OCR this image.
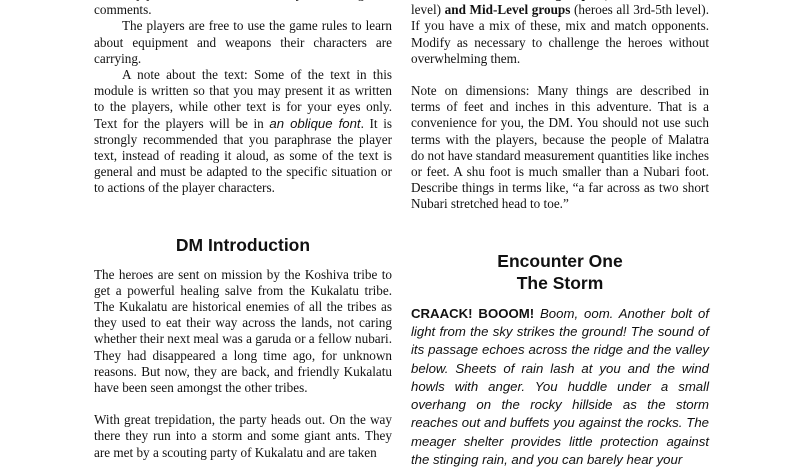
comments.

The players are free to use the game rules to learn about equipment and weapons their characters are carrying.

A note about the text: Some of the text in this module is written so that you may present it as written to the players, while other text is for your eyes only. Text for the players will be in an oblique font. It is strongly recommended that you paraphrase the player text, instead of reading it aloud, as some of the text is general and must be adapted to the specific situation or to actions of the player characters.

DM Introduction

The heroes are sent on mission by the Koshiva tribe to get a powerful healing salve from the Kukalatu tribe. The Kukalatu are historical enemies of all the tribes as they used to eat their way across the lands, not caring whether their next meal was a garuda or a fellow nubari. They had disappeared a long time ago, for unknown reasons. But now, they are back, and friendly Kukalatu have been seen amongst the other tribes.

With great trepidation, the party heads out. On the way there they run into a storm and some giant ants. They are met by a scouting party of Kukalatu and are taken

level) and Mid-Level groups (heroes all 3rd-5th level). If you have a mix of these, mix and match opponents. Modify as necessary to challenge the heroes without overwhelming them.

Note on dimensions: Many things are described in terms of feet and inches in this adventure. That is a convenience for you, the DM. You should not use such terms with the players, because the people of Malatra do not have standard measurement quantities like inches or feet. A shu foot is much smaller than a Nubari foot. Describe things in terms like, “a far across as two short Nubari stretched head to toe.”

Encounter One
The Storm

CRAACK! BOOOM! Boom, oom. Another bolt of light from the sky strikes the ground! The sound of its passage echoes across the ridge and the valley below. Sheets of rain lash at you and the wind howls with anger. You huddle under a small overhang on the rocky hillside as the storm reaches out and buffets you against the rocks. The meager shelter provides little protection against the stinging rain, and you can barely hear your
